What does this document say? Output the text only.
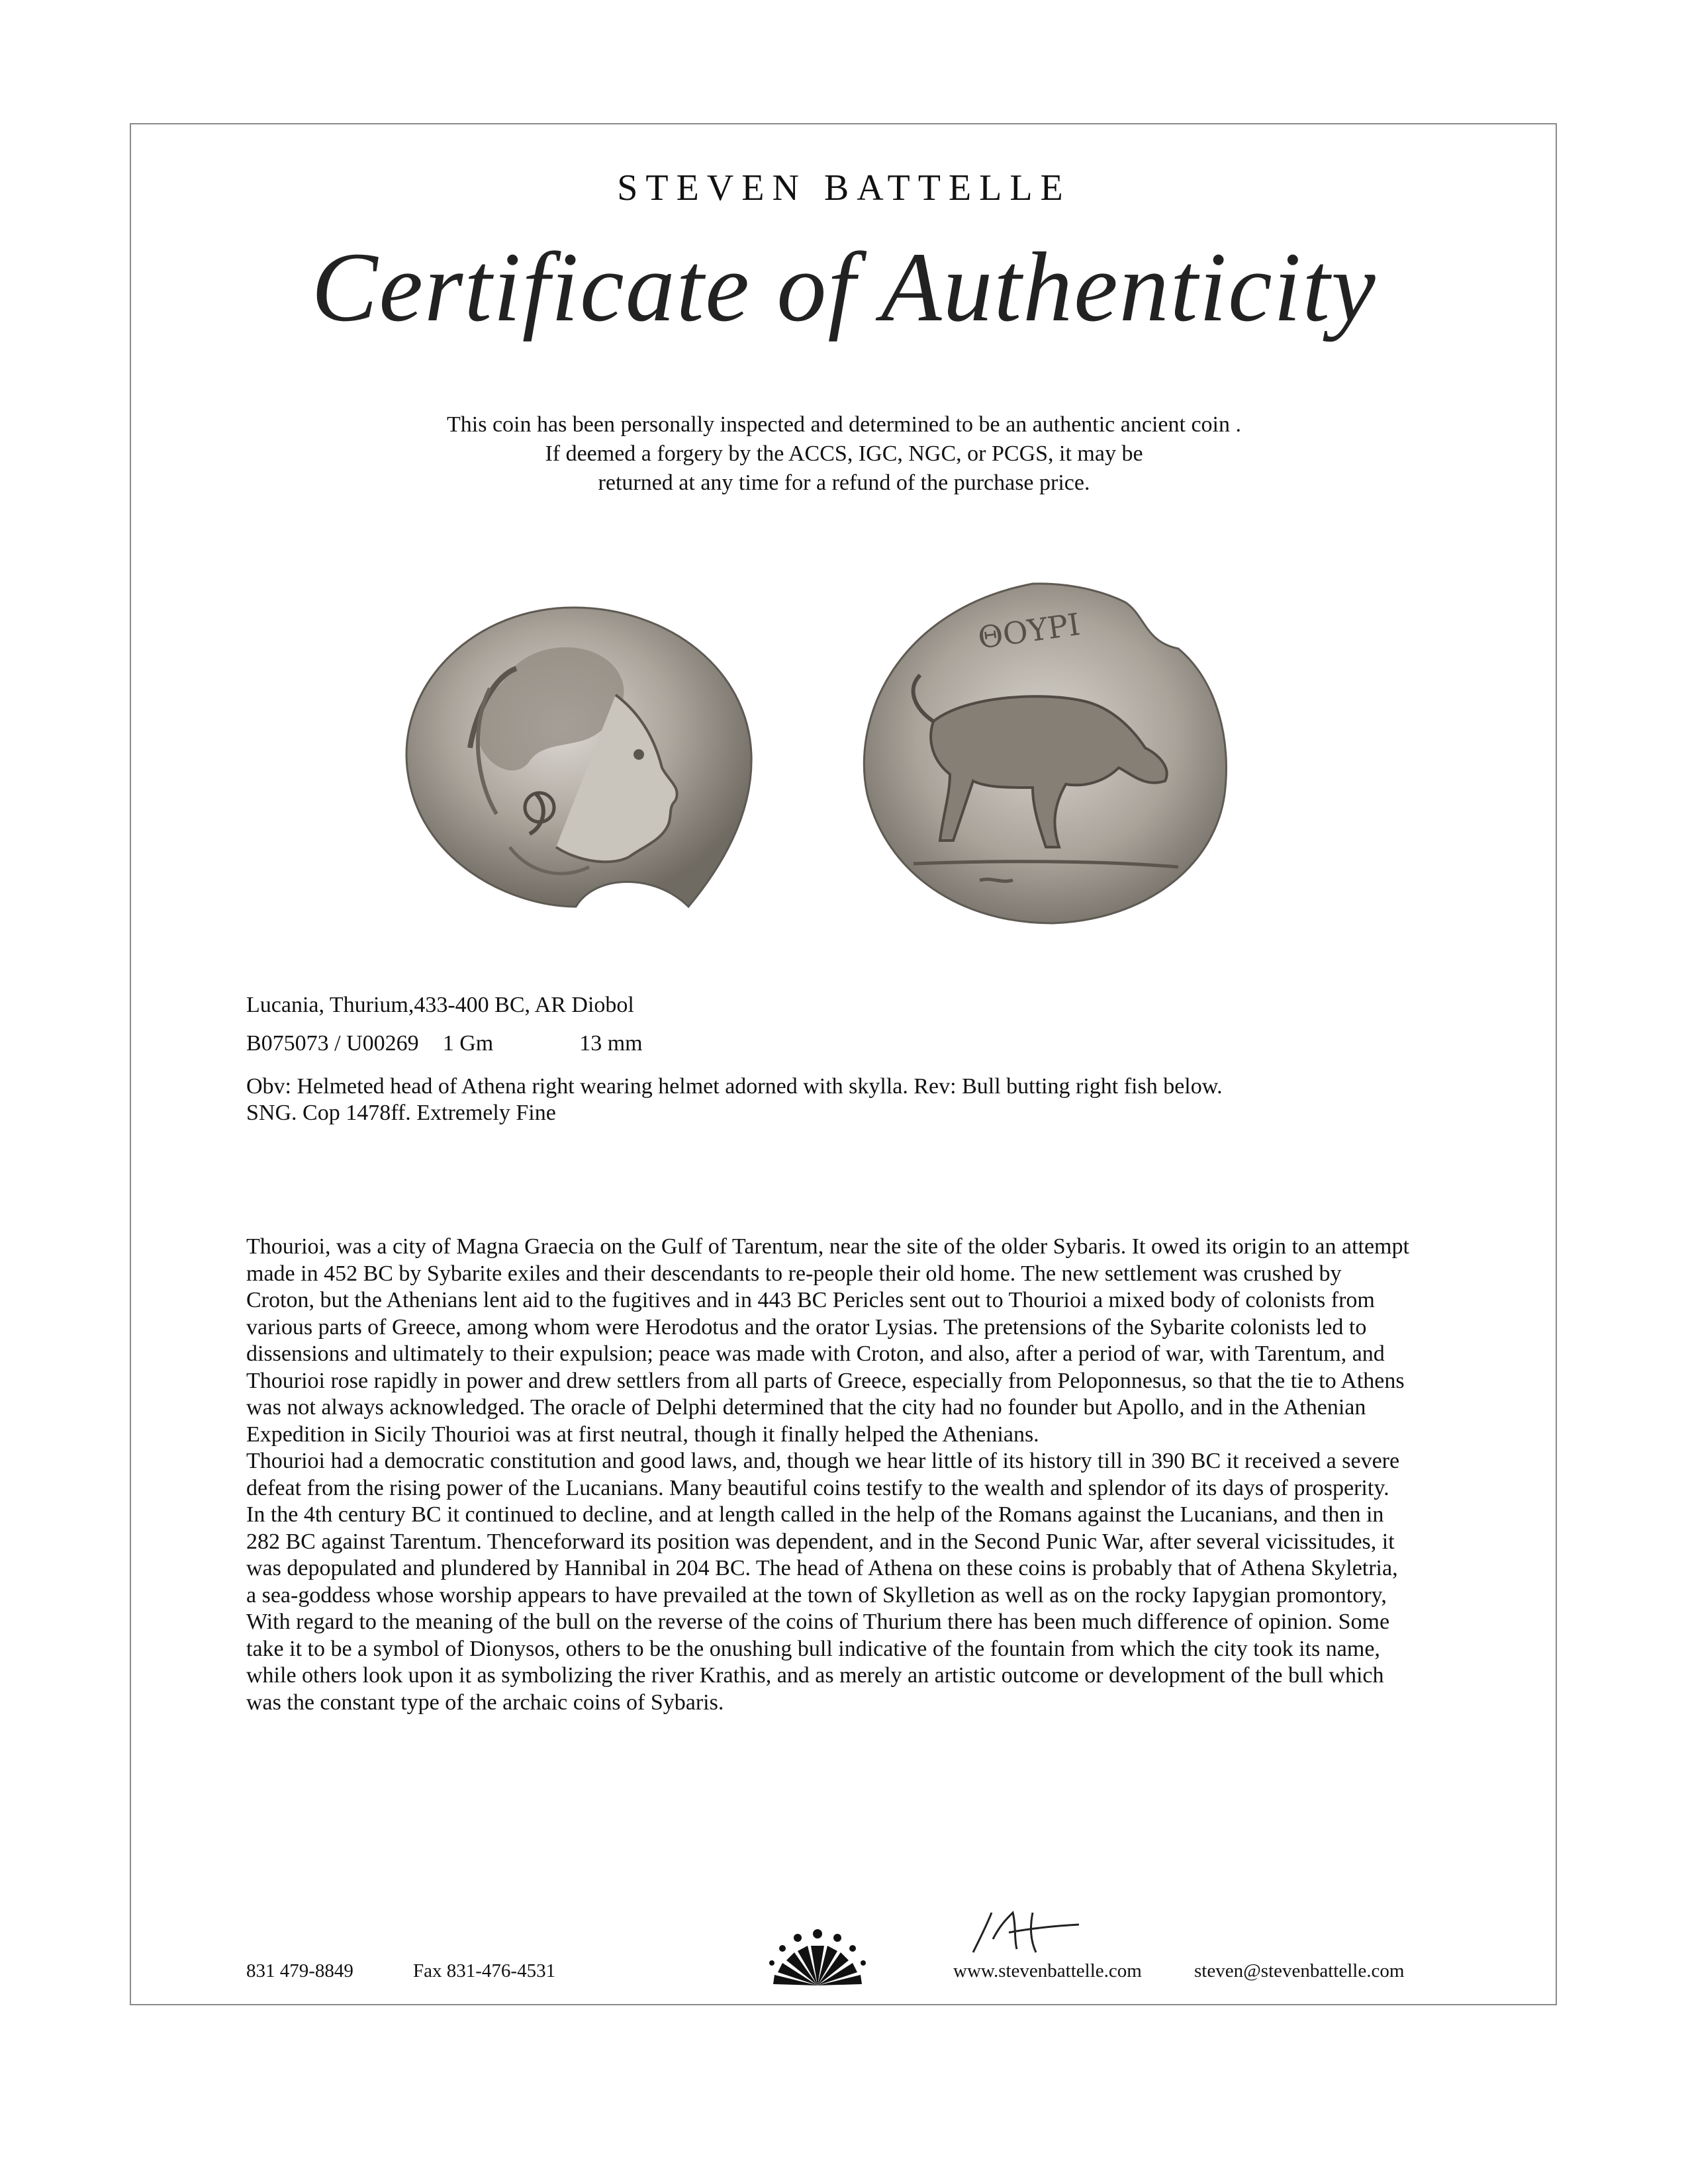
STEVEN BATTELLE
Certificate of Authenticity
This coin has been personally inspected and determined to be an authentic ancient coin .
If deemed a forgery by the ACCS, IGC, NGC, or PCGS, it may be
returned at any time for a refund of the purchase price.
ΘΟΥΡΙ
Lucania, Thurium,433-400 BC, AR Diobol
B075073 / U00269 1 Gm	13 mm
Obv: Helmeted head of Athena right wearing helmet adorned with skylla. Rev: Bull butting right fish below.
SNG. Cop 1478ff. Extremely Fine

Thourioi, was a city of Magna Graecia on the Gulf of Tarentum, near the site of the older Sybaris. It owed its origin to an attempt made in 452 BC by Sybarite exiles and their descendants to re-people their old home. The new settlement was crushed by Croton, but the Athenians lent aid to the fugitives and in 443 BC Pericles sent out to Thourioi a mixed body of colonists from various parts of Greece, among whom were Herodotus and the orator Lysias. The pretensions of the Sybarite colonists led to dissensions and ultimately to their expulsion; peace was made with Croton, and also, after a period of war, with Tarentum, and Thourioi rose rapidly in power and drew settlers from all parts of Greece, especially from Peloponnesus, so that the tie to Athens was not always acknowledged. The oracle of Delphi determined that the city had no founder but Apollo, and in the Athenian Expedition in Sicily Thourioi was at first neutral, though it finally helped the Athenians.

Thourioi had a democratic constitution and good laws, and, though we hear little of its history till in 390 BC it received a severe defeat from the rising power of the Lucanians. Many beautiful coins testify to the wealth and splendor of its days of prosperity. In the 4th century BC it continued to decline, and at length called in the help of the Romans against the Lucanians, and then in 282 BC against Tarentum. Thenceforward its position was dependent, and in the Second Punic War, after several vicissitudes, it was depopulated and plundered by Hannibal in 204 BC. The head of Athena on these coins is probably that of Athena Skyletria, a sea-goddess whose worship appears to have prevailed at the town of Skylletion as well as on the rocky Iapygian promontory, With regard to the meaning of the bull on the reverse of the coins of Thurium there has been much difference of opinion. Some take it to be a symbol of Dionysos, others to be the onushing bull indicative of the fountain from which the city took its name, while others look upon it as symbolizing the river Krathis, and as merely an artistic outcome or development of the bull which was the constant type of the archaic coins of Sybaris.

831 479-8849	Fax 831-476-4531	www.stevenbattelle.com	steven@stevenbattelle.com
